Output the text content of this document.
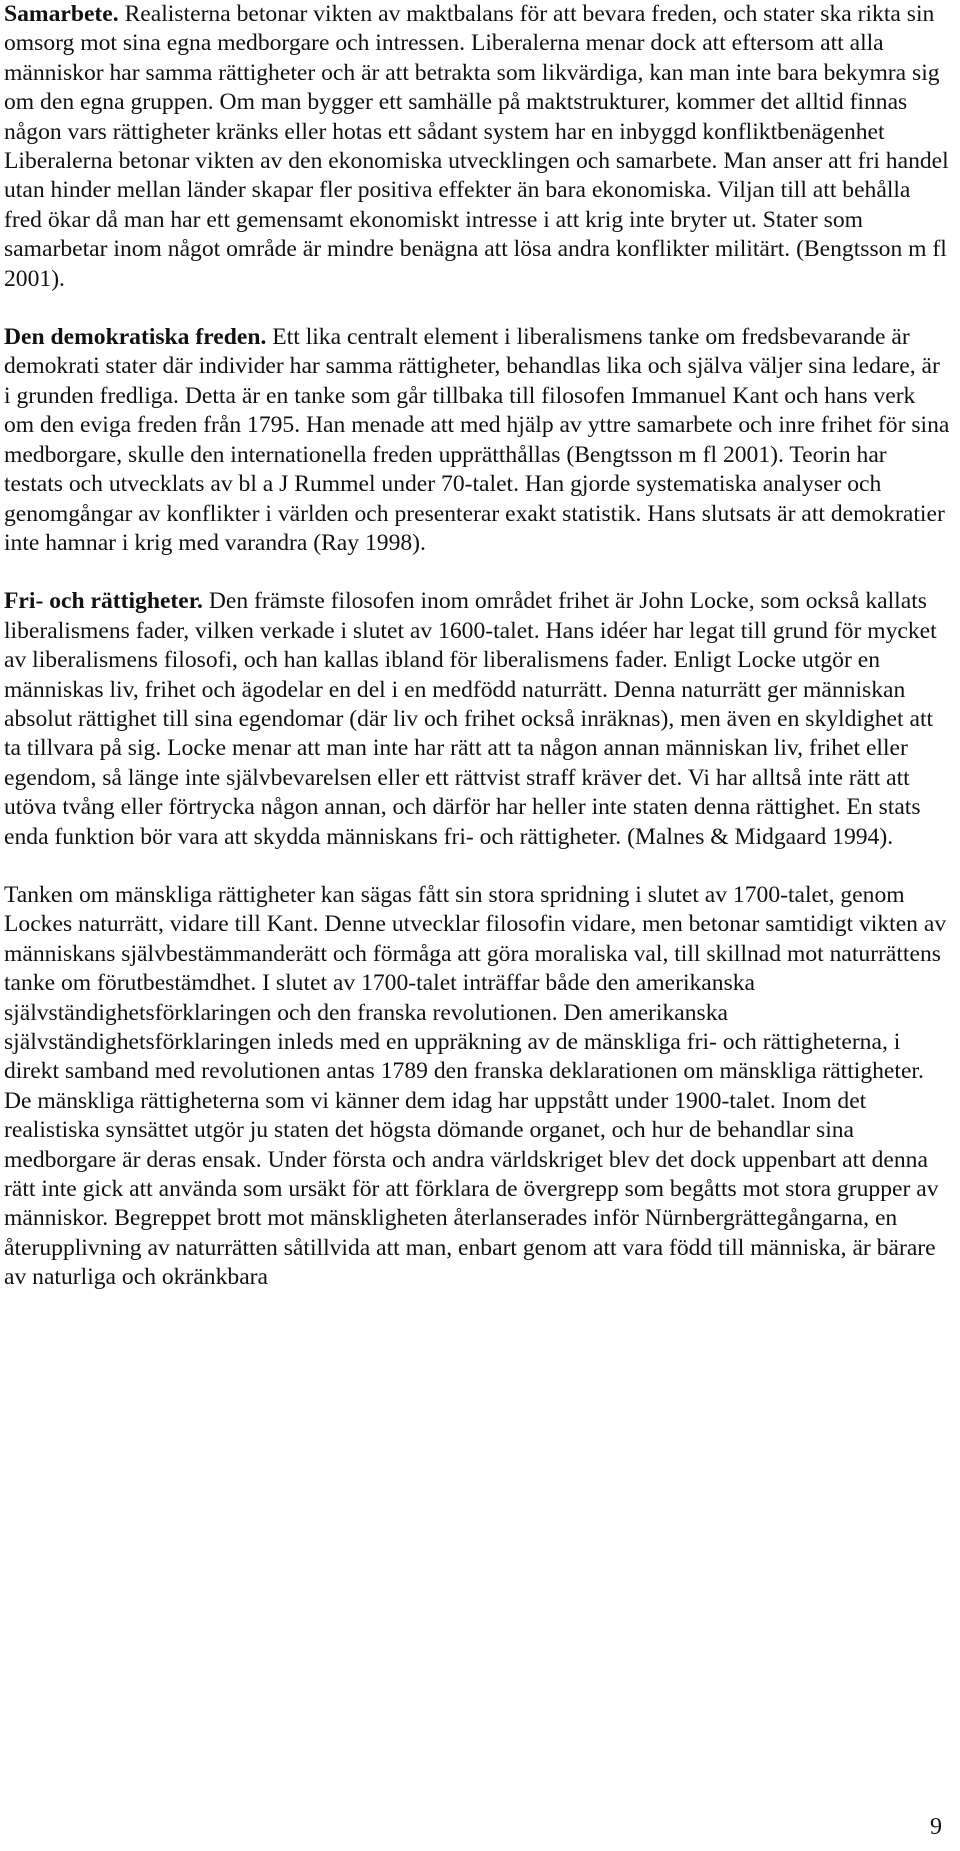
Samarbete. Realisterna betonar vikten av maktbalans för att bevara freden, och stater ska rikta sin omsorg mot sina egna medborgare och intressen. Liberalerna menar dock att eftersom att alla människor har samma rättigheter och är att betrakta som likvärdiga, kan man inte bara bekymra sig om den egna gruppen. Om man bygger ett samhälle på maktstrukturer, kommer det alltid finnas någon vars rättigheter kränks eller hotas ett sådant system har en inbyggd konfliktbenägenhet Liberalerna betonar vikten av den ekonomiska utvecklingen och samarbete. Man anser att fri handel utan hinder mellan länder skapar fler positiva effekter än bara ekonomiska. Viljan till att behålla fred ökar då man har ett gemensamt ekonomiskt intresse i att krig inte bryter ut. Stater som samarbetar inom något område är mindre benägna att lösa andra konflikter militärt. (Bengtsson m fl 2001).

Den demokratiska freden. Ett lika centralt element i liberalismens tanke om fredsbevarande är demokrati stater där individer har samma rättigheter, behandlas lika och själva väljer sina ledare, är i grunden fredliga. Detta är en tanke som går tillbaka till filosofen Immanuel Kant och hans verk om den eviga freden från 1795. Han menade att med hjälp av yttre samarbete och inre frihet för sina medborgare, skulle den internationella freden upprätthållas (Bengtsson m fl 2001). Teorin har testats och utvecklats av bl a J Rummel under 70-talet. Han gjorde systematiska analyser och genomgångar av konflikter i världen och presenterar exakt statistik. Hans slutsats är att demokratier inte hamnar i krig med varandra (Ray 1998).

Fri- och rättigheter. Den främste filosofen inom området frihet är John Locke, som också kallats liberalismens fader, vilken verkade i slutet av 1600-talet. Hans idéer har legat till grund för mycket av liberalismens filosofi, och han kallas ibland för liberalismens fader. Enligt Locke utgör en människas liv, frihet och ägodelar en del i en medfödd naturrätt. Denna naturrätt ger människan absolut rättighet till sina egendomar (där liv och frihet också inräknas), men även en skyldighet att ta tillvara på sig. Locke menar att man inte har rätt att ta någon annan människan liv, frihet eller egendom, så länge inte självbevarelsen eller ett rättvist straff kräver det. Vi har alltså inte rätt att utöva tvång eller förtrycka någon annan, och därför har heller inte staten denna rättighet. En stats enda funktion bör vara att skydda människans fri- och rättigheter. (Malnes & Midgaard 1994).

Tanken om mänskliga rättigheter kan sägas fått sin stora spridning i slutet av 1700-talet, genom Lockes naturrätt, vidare till Kant. Denne utvecklar filosofin vidare, men betonar samtidigt vikten av människans självbestämmanderätt och förmåga att göra moraliska val, till skillnad mot naturrättens tanke om förutbestämdhet. I slutet av 1700-talet inträffar både den amerikanska självständighetsförklaringen och den franska revolutionen. Den amerikanska självständighetsförklaringen inleds med en uppräkning av de mänskliga fri- och rättigheterna, i direkt samband med revolutionen antas 1789 den franska deklarationen om mänskliga rättigheter. De mänskliga rättigheterna som vi känner dem idag har uppstått under 1900-talet. Inom det realistiska synsättet utgör ju staten det högsta dömande organet, och hur de behandlar sina medborgare är deras ensak. Under första och andra världskriget blev det dock uppenbart att denna rätt inte gick att använda som ursäkt för att förklara de övergrepp som begåtts mot stora grupper av människor. Begreppet brott mot mänskligheten återlanserades inför Nürnbergrättegångarna, en återupplivning av naturrätten såtillvida att man, enbart genom att vara född till människa, är bärare av naturliga och okränkbara

9
